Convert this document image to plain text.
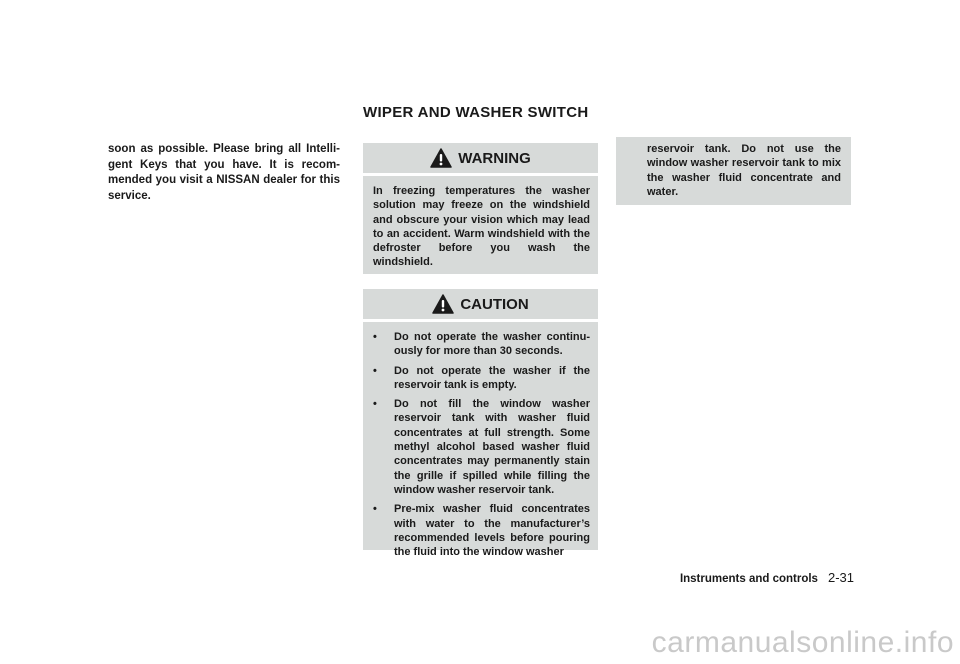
WIPER AND WASHER SWITCH

soon as possible. Please bring all Intelli-gent Keys that you have. It is recom-mended you visit a NISSAN dealer for this service.

WARNING

In freezing temperatures the washer solution may freeze on the windshield and obscure your vision which may lead to an accident. Warm windshield with the defroster before you wash the windshield.

CAUTION
• Do not operate the washer continu-ously for more than 30 seconds.
• Do not operate the washer if the reservoir tank is empty.
• Do not fill the window washer reservoir tank with washer fluid concentrates at full strength. Some methyl alcohol based washer fluid concentrates may permanently stain the grille if spilled while filling the window washer reservoir tank.
• Pre-mix washer fluid concentrates with water to the manufacturer’s recommended levels before pouring the fluid into the window washer

reservoir tank. Do not use the window washer reservoir tank to mix the washer fluid concentrate and water.

Instruments and controls 2-31
carmanualsonline.info
